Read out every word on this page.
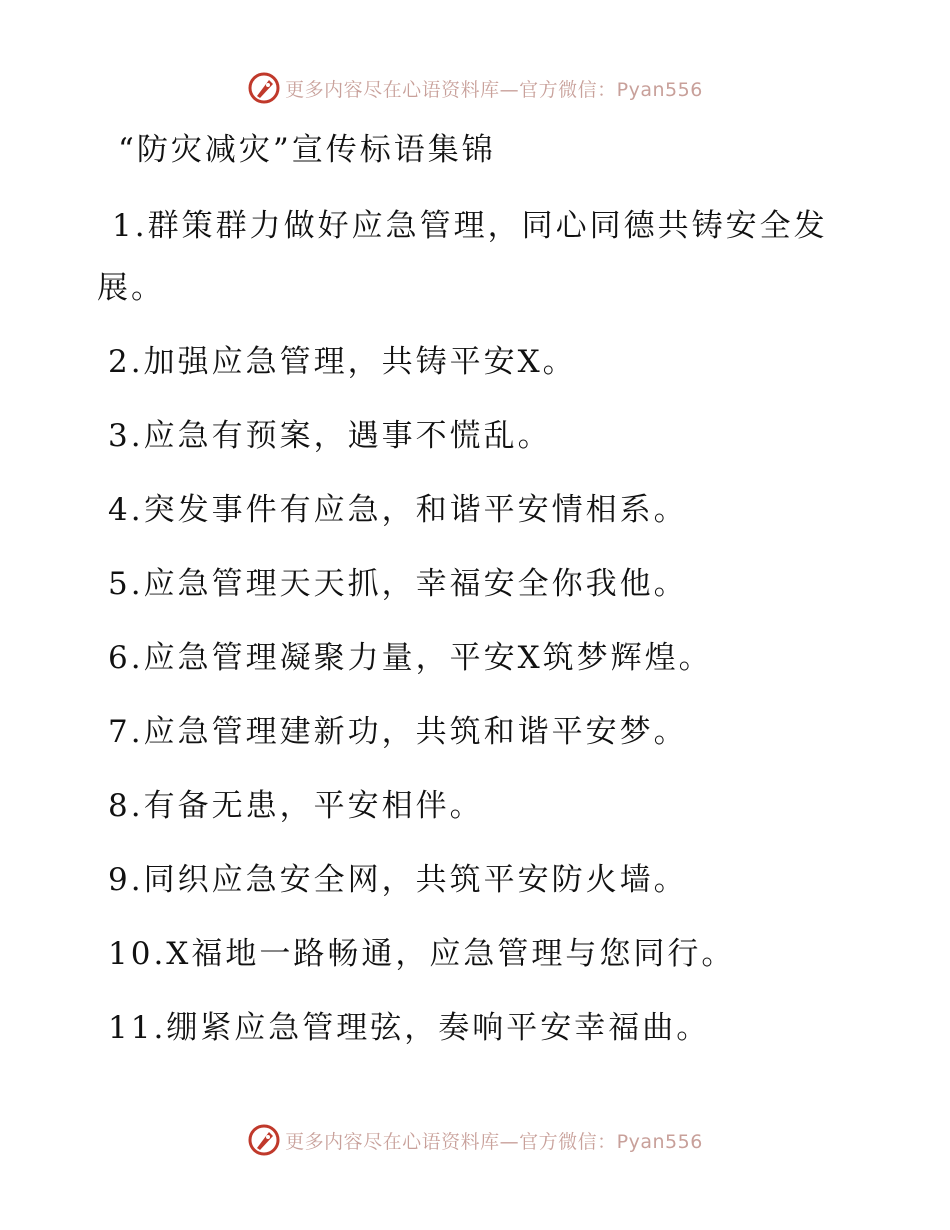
更多内容尽在心语资料库—官方微信：Pyan556
“防灾减灾”宣传标语集锦
1.群策群力做好应急管理，同心同德共铸安全发
展。
2.加强应急管理，共铸平安X。
3.应急有预案，遇事不慌乱。
4.突发事件有应急，和谐平安情相系。
5.应急管理天天抓，幸福安全你我他。
6.应急管理凝聚力量，平安X筑梦辉煌。
7.应急管理建新功，共筑和谐平安梦。
8.有备无患，平安相伴。
9.同织应急安全网，共筑平安防火墙。
10.X福地一路畅通，应急管理与您同行。
11.绷紧应急管理弦，奏响平安幸福曲。
更多内容尽在心语资料库—官方微信：Pyan556
